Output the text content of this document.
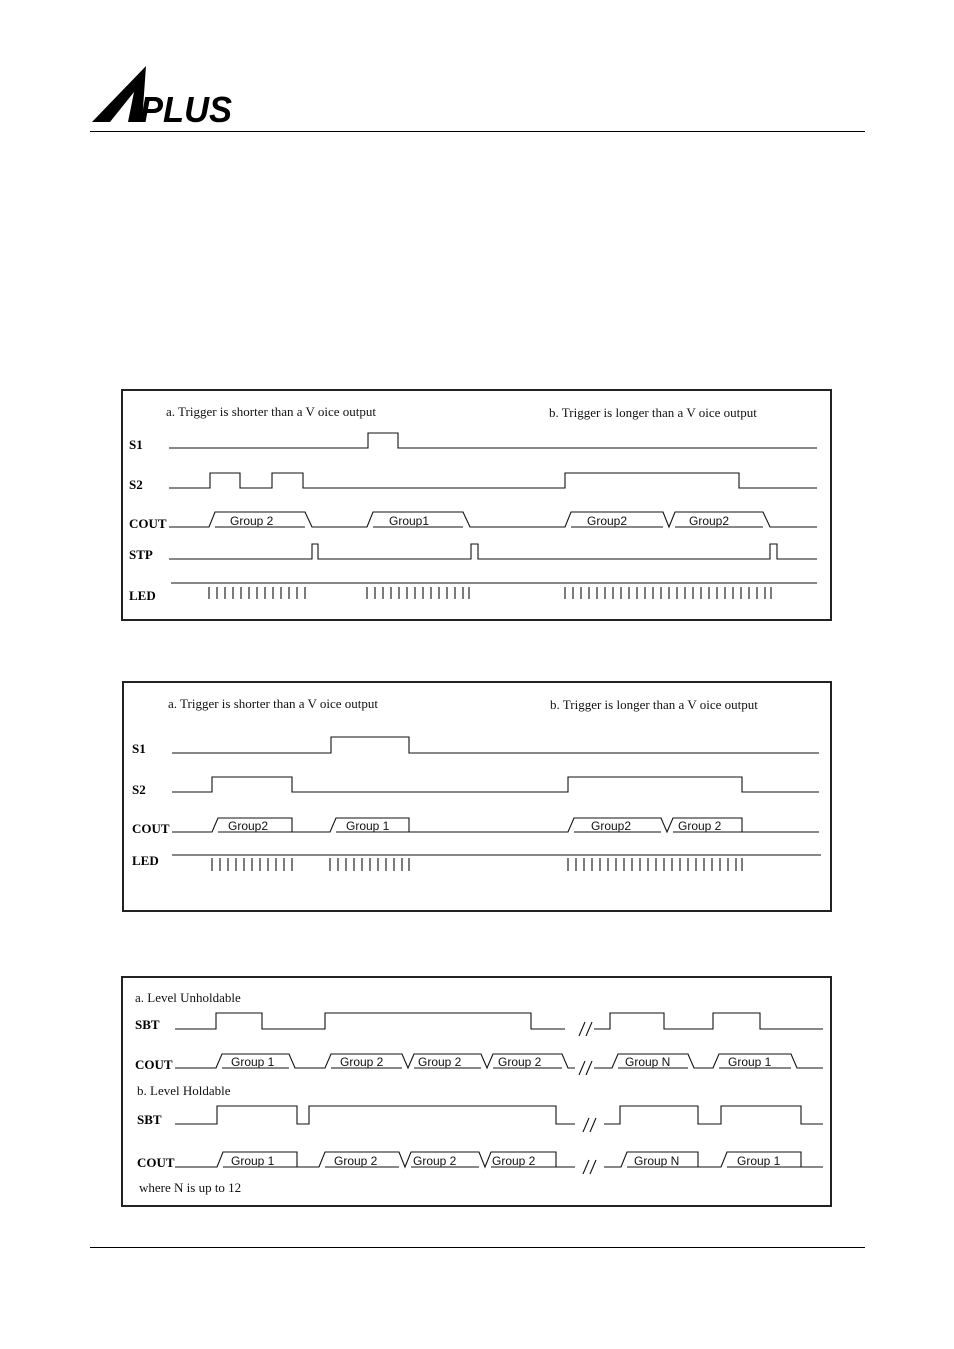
PLUS
a. Trigger is shorter than a V oice output	b. Trigger is longer than a V oice output
S1
S2
COUT
STP
LED
Group 2	Group1	Group2	Group2
a. Trigger is shorter than a V oice output	b. Trigger is longer than a V oice output
S1
S2
COUT
LED
Group2	Group 1	Group2	Group 2
a. Level Unholdable
b. Level Holdable
SBT
COUT
SBT
COUT
Group 1	Group 2	Group 2	Group 2	Group N	Group 1
Group 1	Group 2	Group 2	Group 2	Group N	Group 1
where N is up to 12
